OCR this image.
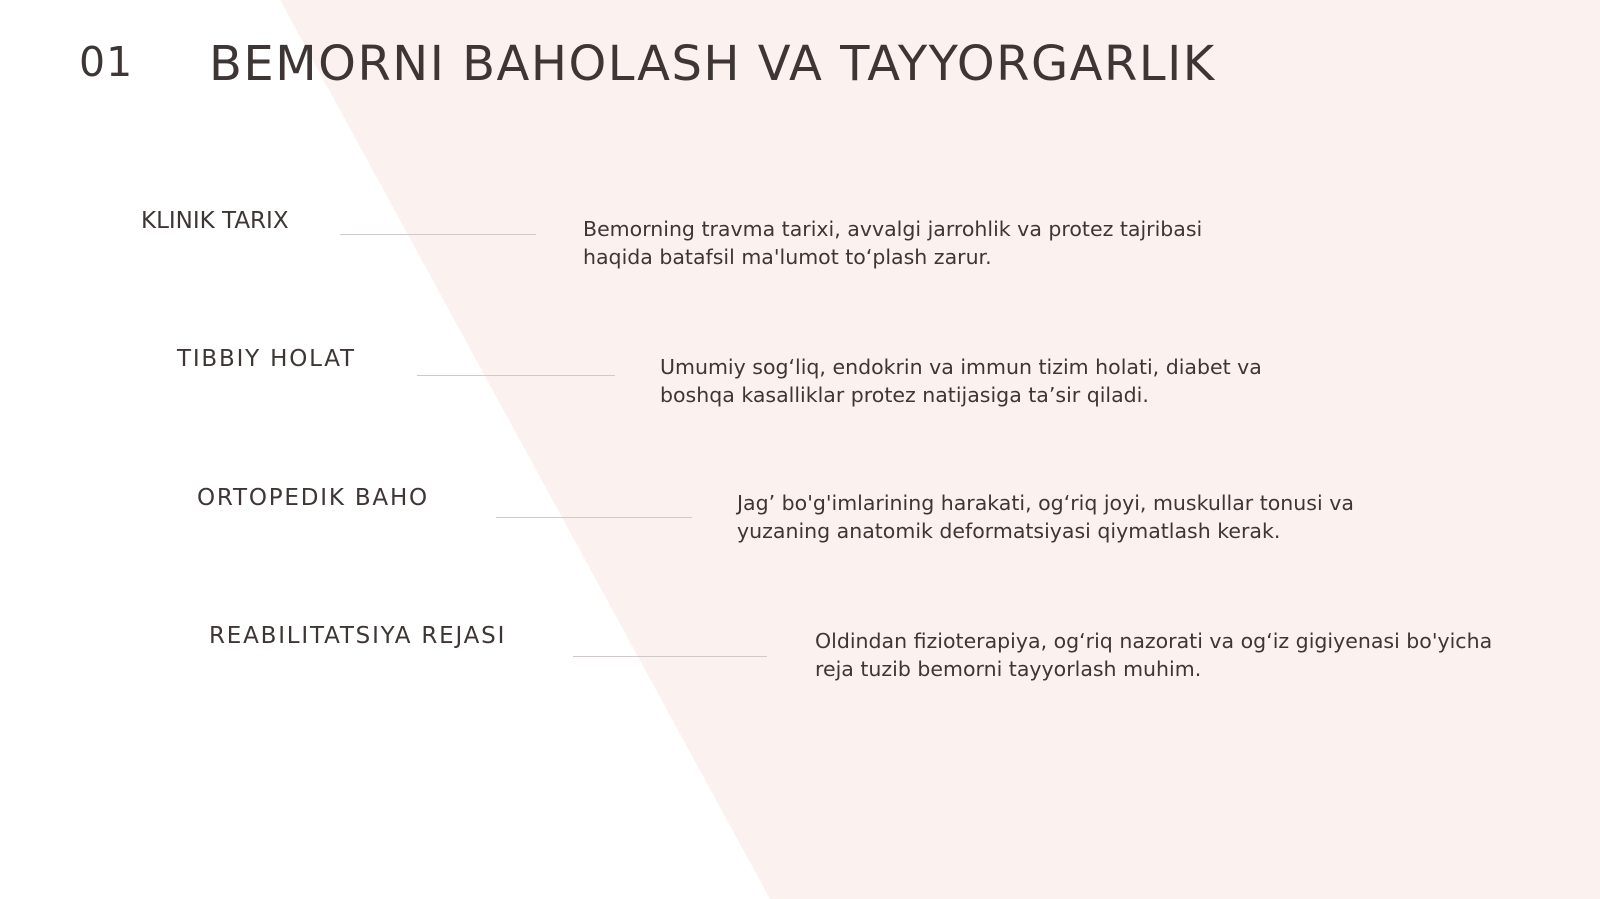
01 BEMORNI BAHOLASH VA TAYYORGARLIK
KLINIK TARIX	Bemorning travma tarixi, avvalgi jarrohlik va protez tajribasi
haqida batafsil ma'lumot to‘plash zarur.
TIBBIY HOLAT	Umumiy sog‘liq, endokrin va immun tizim holati, diabet va
boshqa kasalliklar protez natijasiga ta’sir qiladi.
ORTOPEDIK BAHO	Jag’ bo'g'imlarining harakati, og‘riq joyi, muskullar tonusi va
yuzaning anatomik deformatsiyasi qiymatlash kerak.
REABILITATSIYA REJASI	Oldindan fizioterapiya, og‘riq nazorati va og‘iz gigiyenasi bo'yicha
reja tuzib bemorni tayyorlash muhim.
